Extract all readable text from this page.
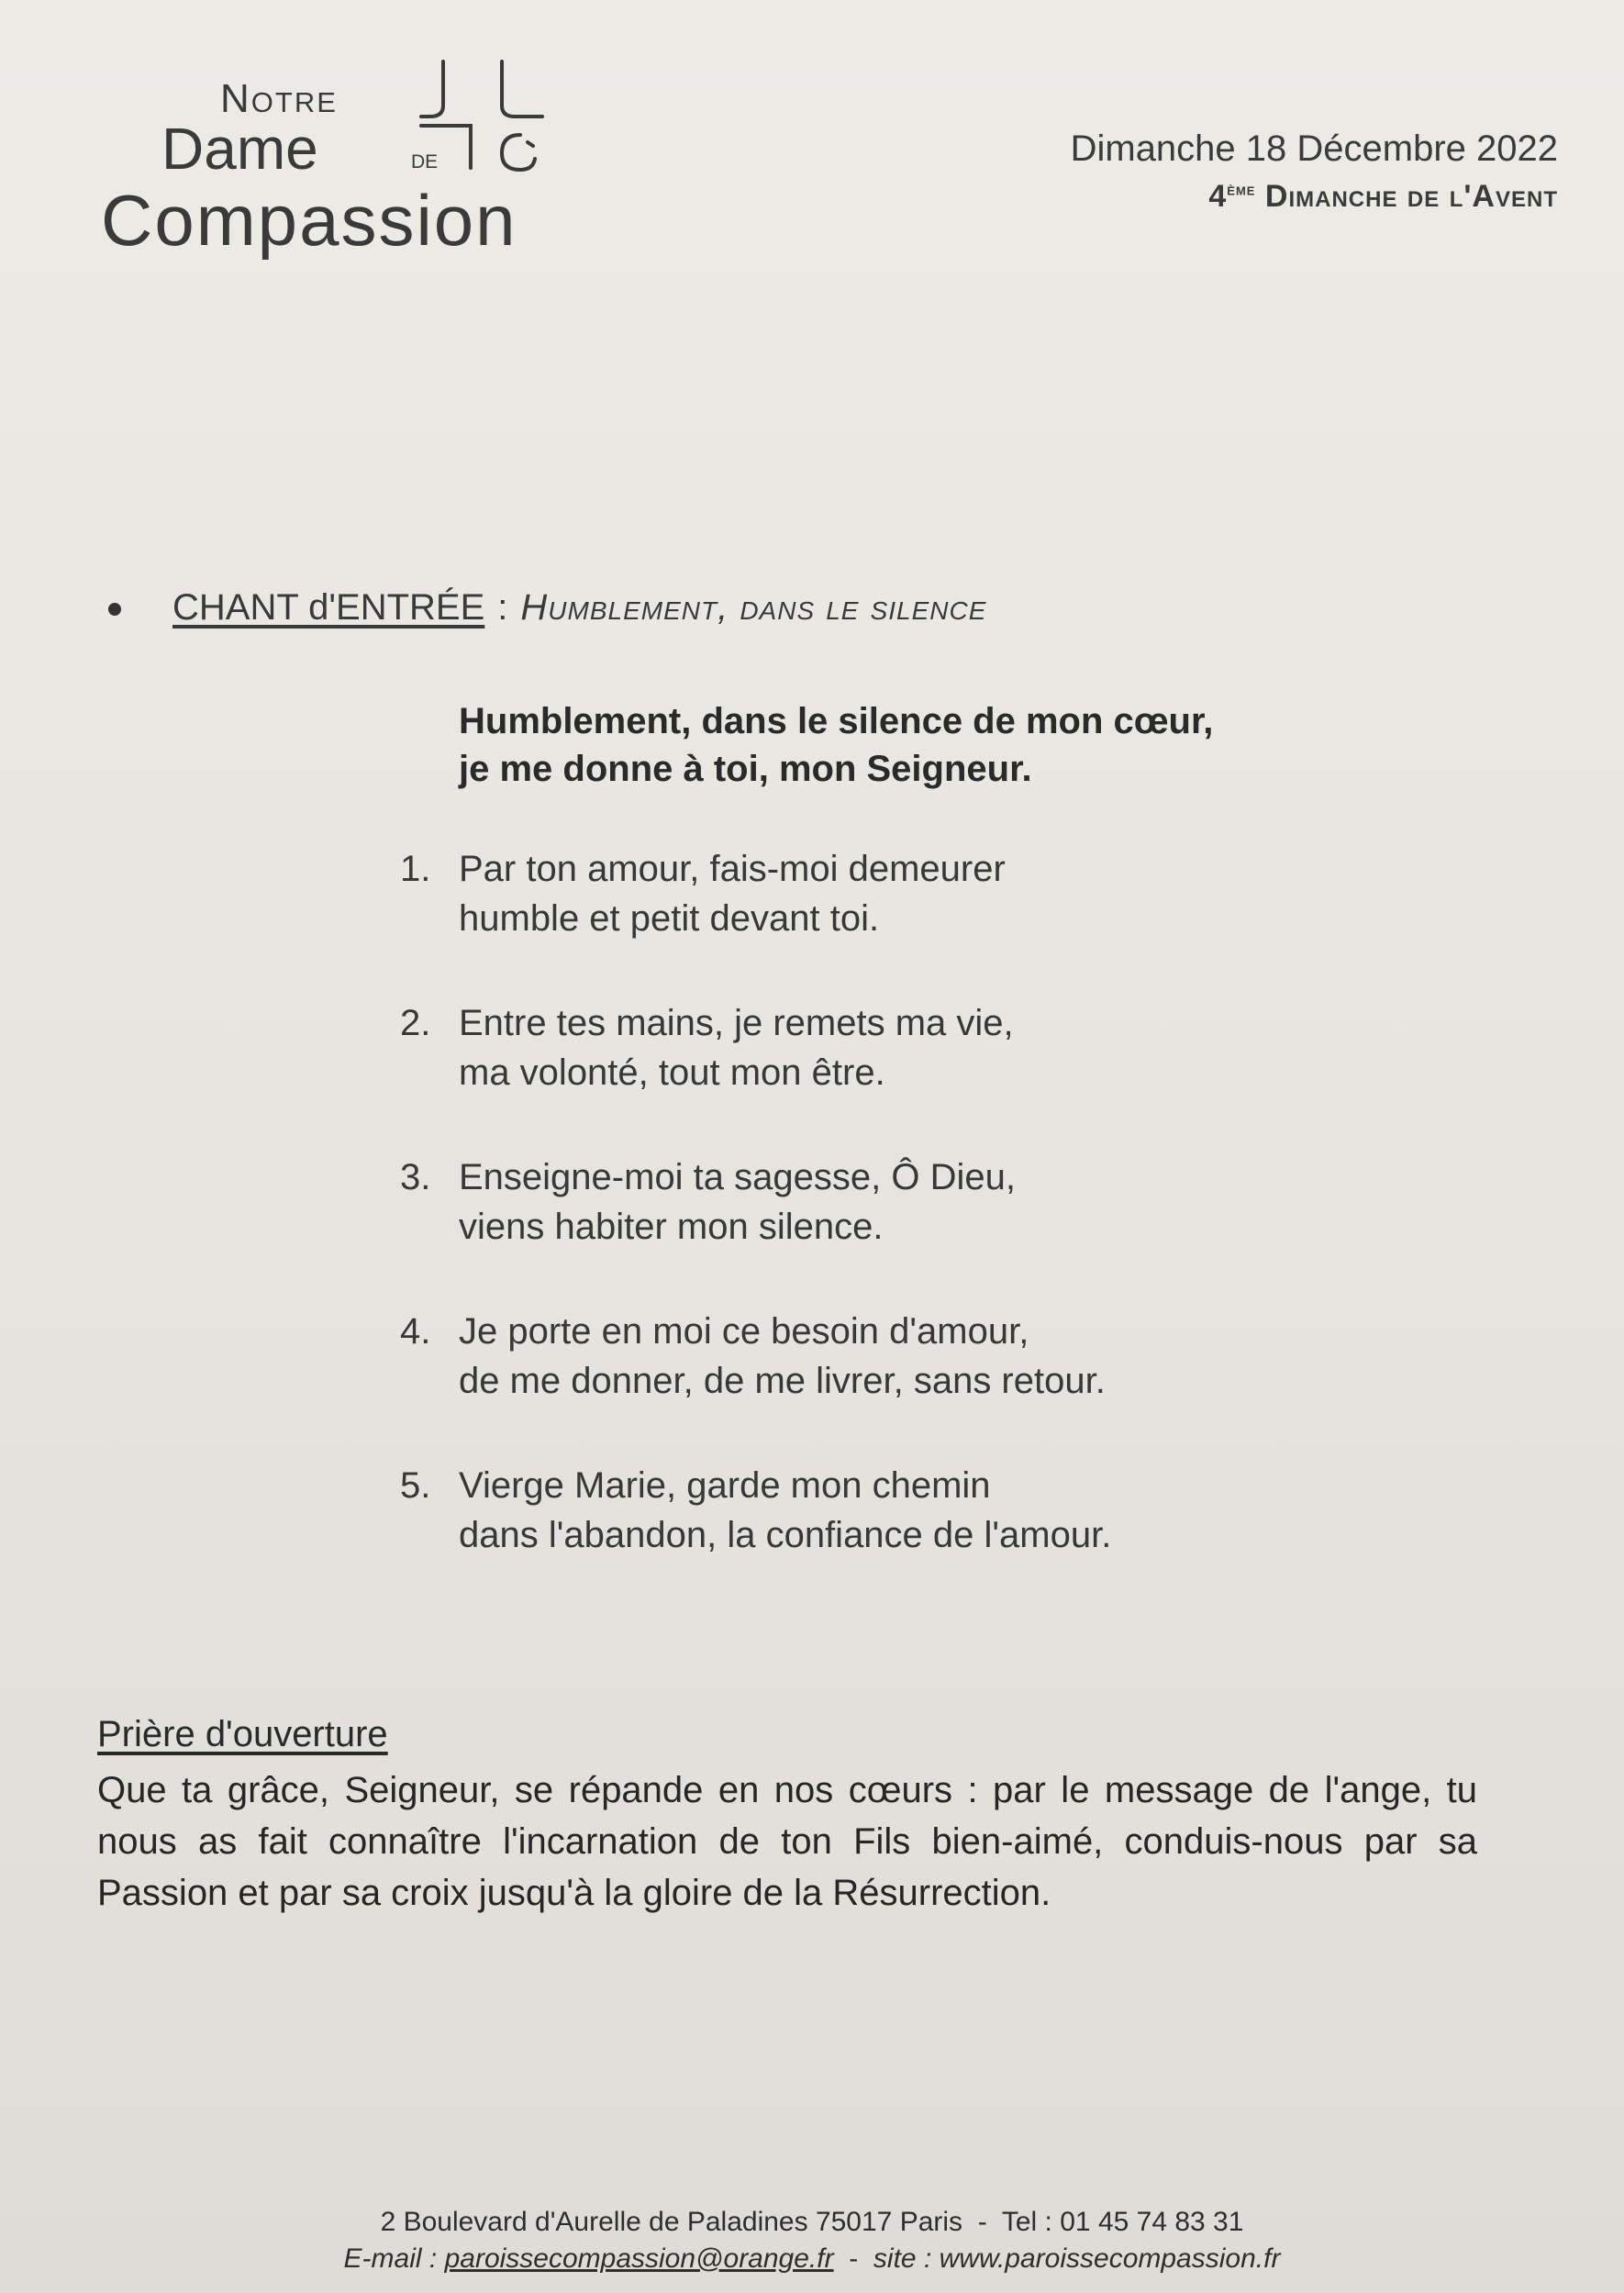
Notre
Dame	de
Compassion
Dimanche 18 Décembre 2022
4ème Dimanche de l'Avent
CHANT d'ENTRÉE : Humblement, dans le silence
Humblement, dans le silence de mon cœur,
je me donne à toi, mon Seigneur.
1. Par ton amour, fais-moi demeurer
humble et petit devant toi.
2. Entre tes mains, je remets ma vie,
ma volonté, tout mon être.
3. Enseigne-moi ta sagesse, Ô Dieu,
viens habiter mon silence.
4. Je porte en moi ce besoin d'amour,
de me donner, de me livrer, sans retour.
5. Vierge Marie, garde mon chemin
dans l'abandon, la confiance de l'amour.
Prière d'ouverture
Que ta grâce, Seigneur, se répande en nos cœurs : par le message de l'ange, tu nous as fait connaître l'incarnation de ton Fils bien-aimé, conduis-nous par sa Passion et par sa croix jusqu'à la gloire de la Résurrection.
2 Boulevard d'Aurelle de Paladines 75017 Paris - Tel : 01 45 74 83 31
E-mail : paroissecompassion@orange.fr - site : www.paroissecompassion.fr
